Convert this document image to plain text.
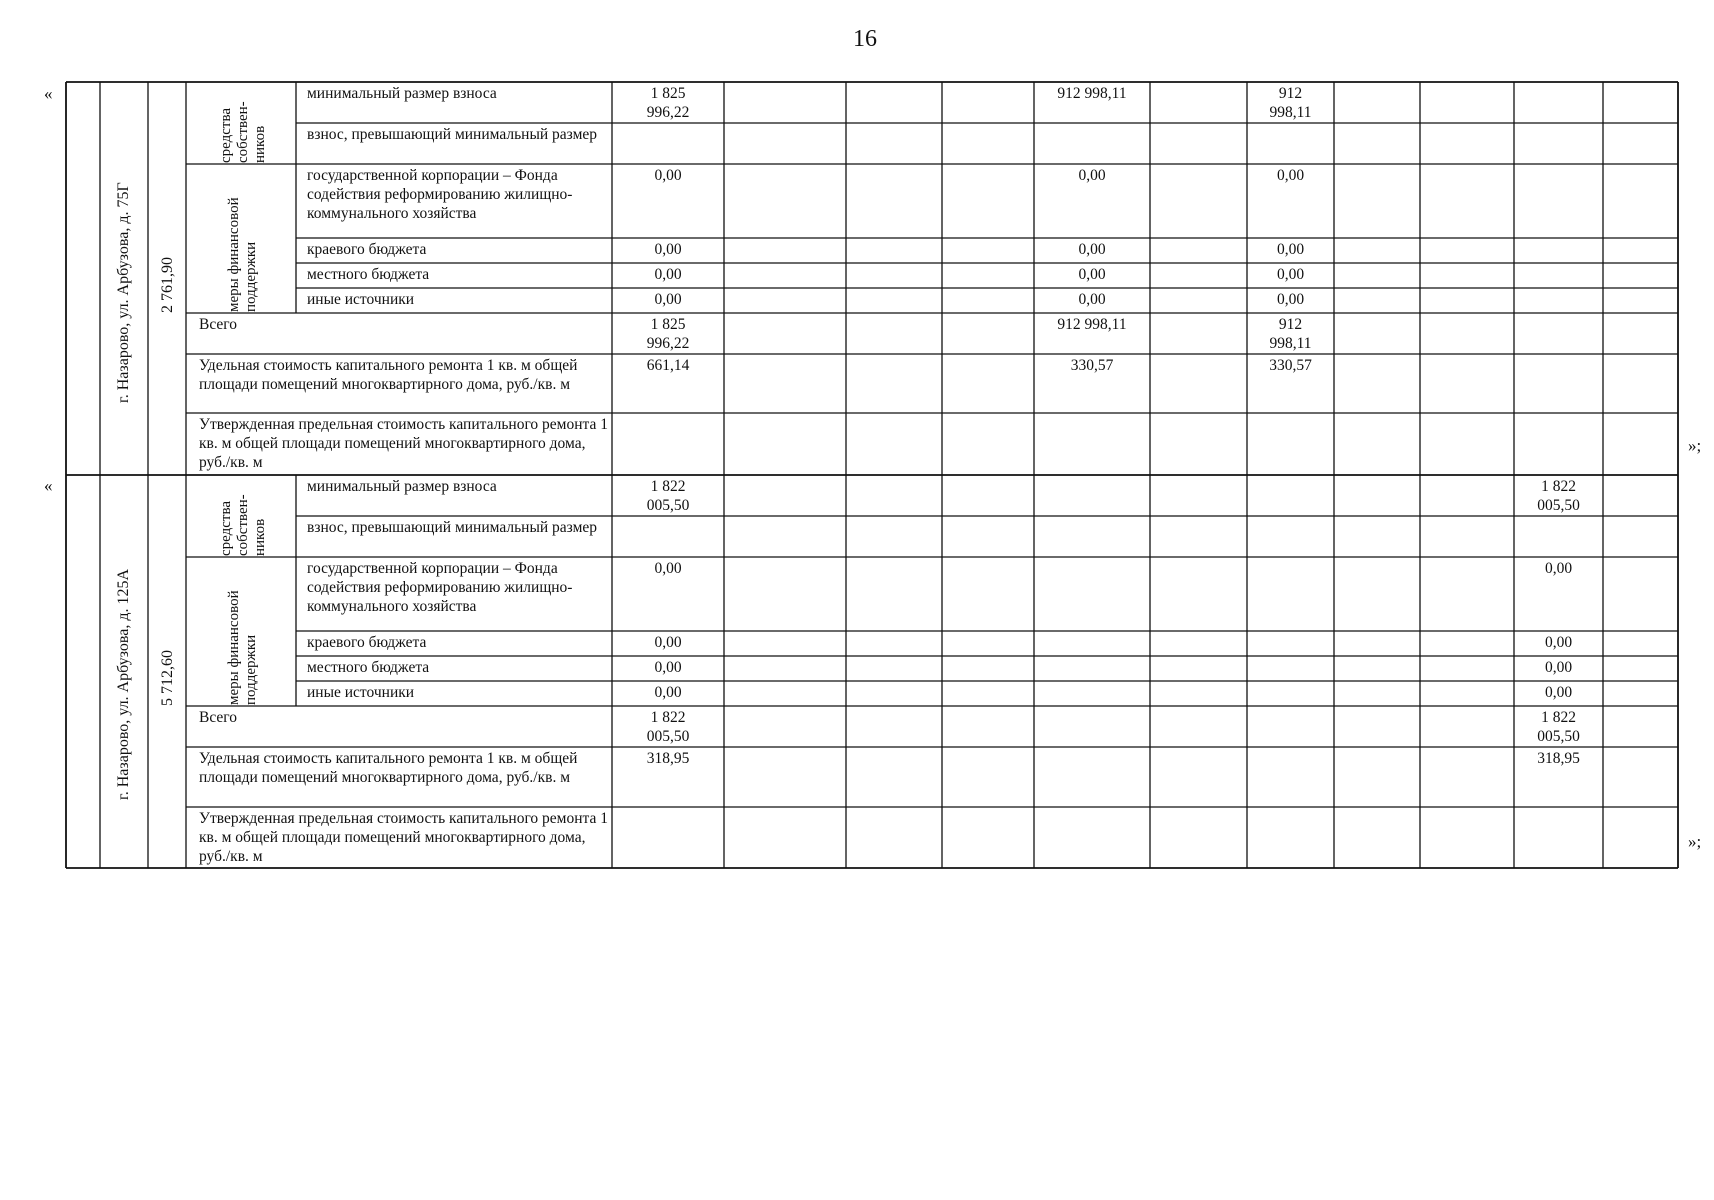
16
«
»;
«
»;
г. Назарово, ул. Арбузова, д. 75Г 2 761,90
средства собствен- ников
меры финансовой поддержки
минимальный размер взноса
взнос, превышающий минимальный размер
государственной корпорации – Фонда содействия реформированию жилищно-коммунального хозяйства
краевого бюджета
местного бюджета
иные источники
Всего
Удельная стоимость капитального ремонта 1 кв. м общей площади помещений многоквартирного дома, руб./кв. м
Утвержденная предельная стоимость капитального ремонта 1 кв. м общей площади помещений многоквартирного дома, руб./кв. м
1 825
996,22
0,00
0,00
0,00
0,00
1 825
996,22
661,14
912 998,11
0,00
0,00
0,00
0,00
912 998,11
330,57
912
998,11
0,00
0,00
0,00
0,00
912
998,11
330,57
г. Назарово, ул. Арбузова, д. 125А 5 712,60
средства собствен- ников
меры финансовой поддержки
минимальный размер взноса
взнос, превышающий минимальный размер
государственной корпорации – Фонда содействия реформированию жилищно-коммунального хозяйства
краевого бюджета
местного бюджета
иные источники
Всего
Удельная стоимость капитального ремонта 1 кв. м общей площади помещений многоквартирного дома, руб./кв. м
Утвержденная предельная стоимость капитального ремонта 1 кв. м общей площади помещений многоквартирного дома, руб./кв. м
1 822
005,50
0,00
0,00
0,00
0,00
1 822
005,50
318,95
1 822
005,50
0,00
0,00
0,00
0,00
1 822
005,50
318,95
